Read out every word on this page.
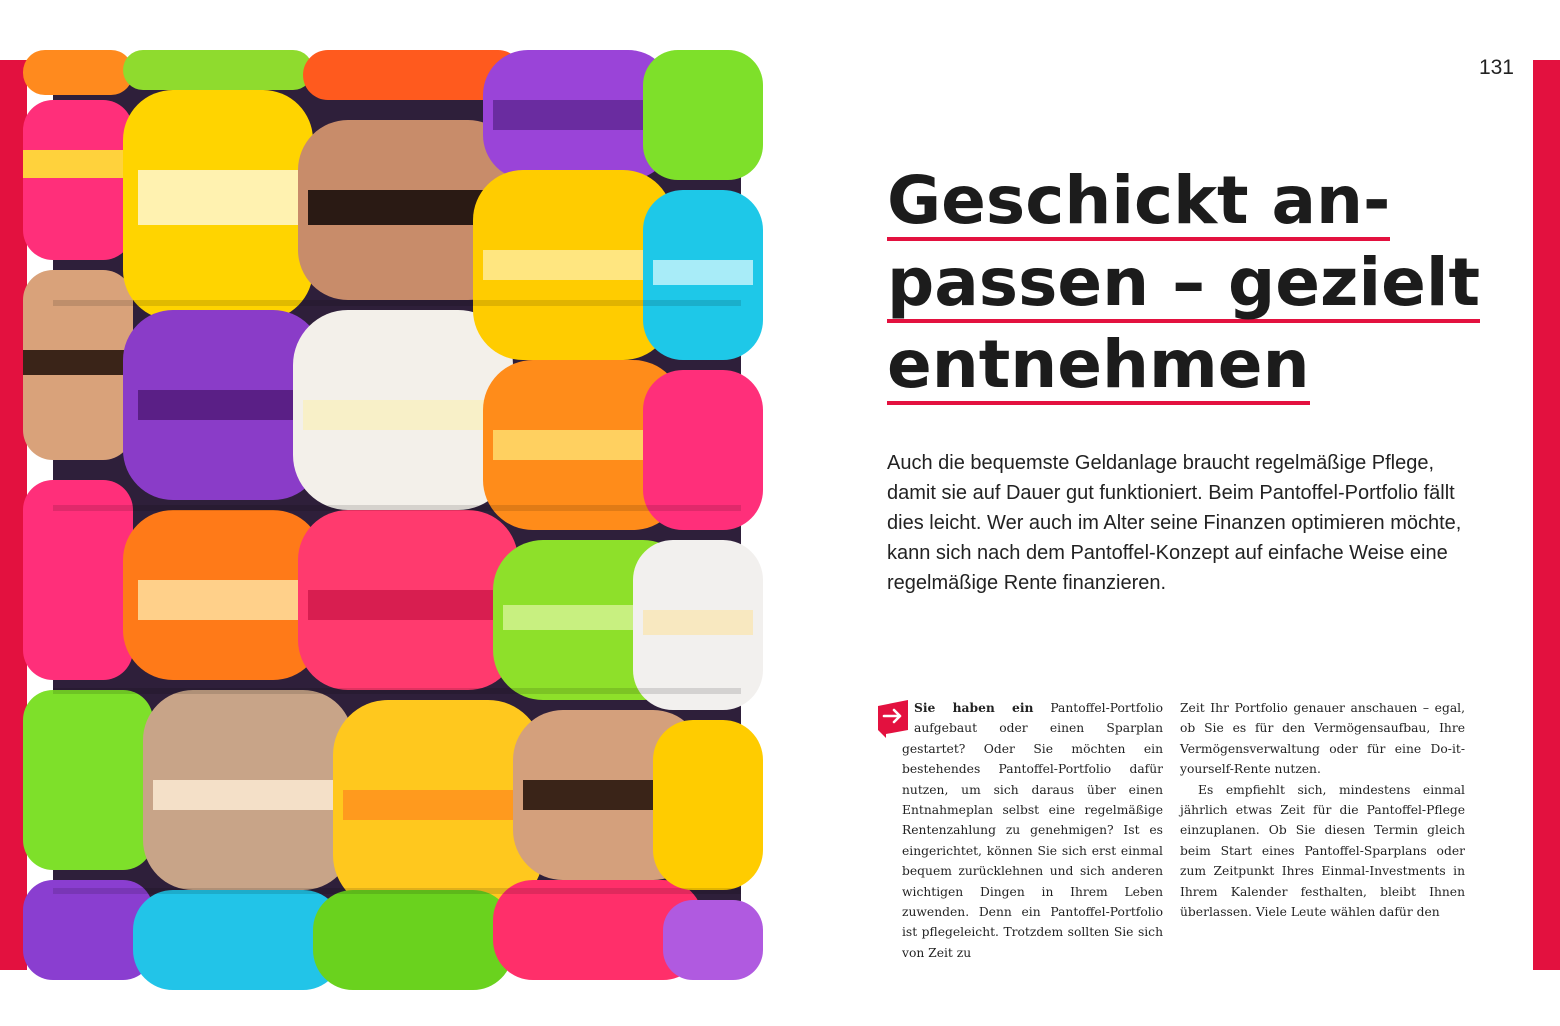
131
Geschickt an-
passen – gezielt
entnehmen

Auch die bequemste Geldanlage braucht regelmäßige Pflege, damit sie auf Dauer gut funktioniert. Beim Pantoffel-Portfolio fällt dies leicht. Wer auch im Alter seine Finanzen optimieren möchte, kann sich nach dem Pantoffel-Konzept auf einfache Weise eine regelmäßige Rente finanzieren.

Sie haben ein Pantoffel-Portfolio aufgebaut oder einen Sparplan gestartet? Oder Sie möchten ein bestehendes Pantoffel-Portfolio dafür nutzen, um sich daraus über einen Entnahmeplan selbst eine regelmäßige Rentenzahlung zu genehmigen? Ist es eingerichtet, können Sie sich erst einmal bequem zurücklehnen und sich anderen wichtigen Dingen in Ihrem Leben zuwenden. Denn ein Pantoffel-Portfolio ist pflegeleicht. Trotzdem sollten Sie sich von Zeit zu

Zeit Ihr Portfolio genauer anschauen – egal, ob Sie es für den Vermögensaufbau, Ihre Vermögensverwaltung oder für eine Do-it-yourself-Rente nutzen.

Es empfiehlt sich, mindestens einmal jährlich etwas Zeit für die Pantoffel-Pflege einzuplanen. Ob Sie diesen Termin gleich beim Start eines Pantoffel-Sparplans oder zum Zeitpunkt Ihres Einmal-Investments in Ihrem Kalender festhalten, bleibt Ihnen überlassen. Viele Leute wählen dafür den
